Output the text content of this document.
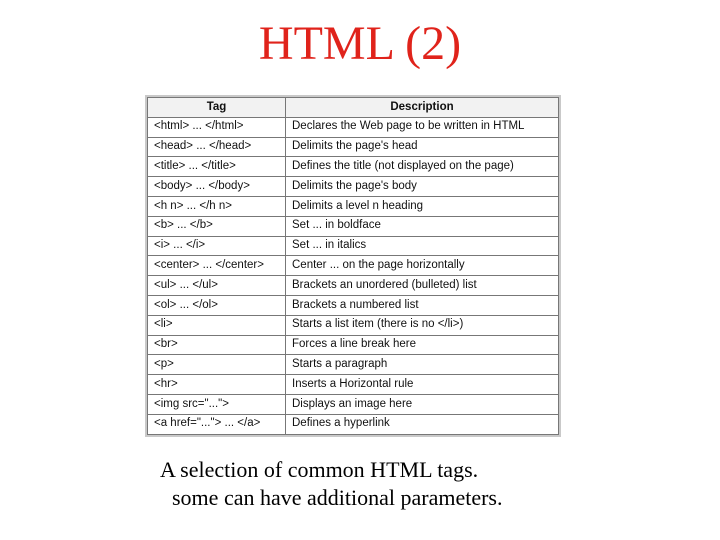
HTML (2)
Tag	Description
<html> ... </html>	Declares the Web page to be written in HTML
<head> ... </head>	Delimits the page's head
<title> ... </title>	Defines the title (not displayed on the page)
<body> ... </body>	Delimits the page's body
<h n> ... </h n>	Delimits a level n heading
<b> ... </b>	Set ... in boldface
<i> ... </i>	Set ... in italics
<center> ... </center>	Center ... on the page horizontally
<ul> ... </ul>	Brackets an unordered (bulleted) list
<ol> ... </ol>	Brackets a numbered list
<li>	Starts a list item (there is no </li>)
<br>	Forces a line break here
<p>	Starts a paragraph
<hr>	Inserts a Horizontal rule
<img src="...">	Displays an image here
<a href="..."> ... </a>	Defines a hyperlink
A selection of common HTML tags.
some can have additional parameters.
